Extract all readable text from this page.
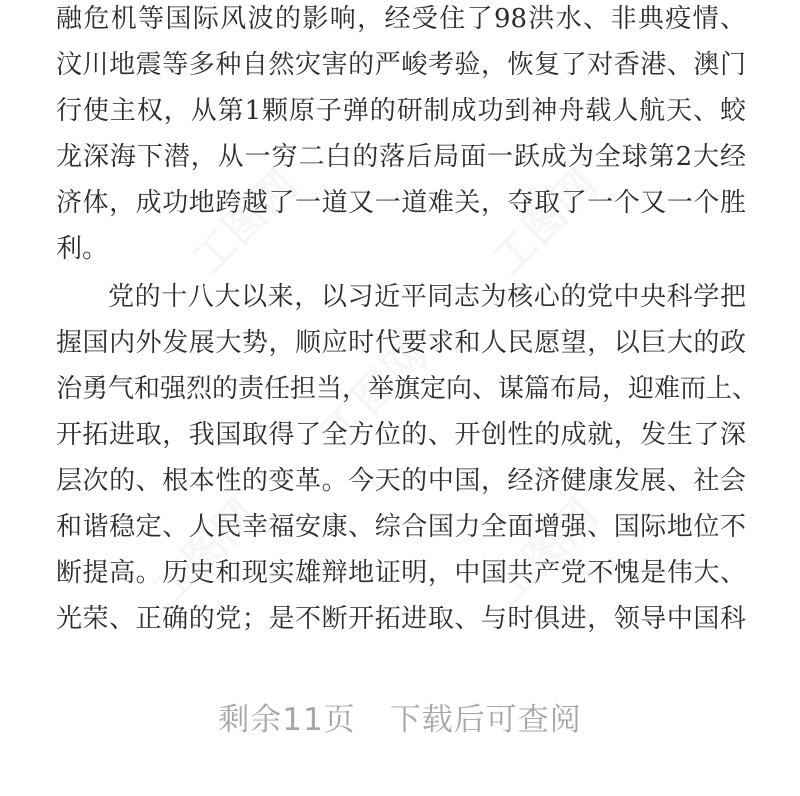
融危机等国际风波的影响，经受住了98洪水、非典疫情、
汶川地震等多种自然灾害的严峻考验，恢复了对香港、澳门
行使主权，从第1颗原子弹的研制成功到神舟载人航天、蛟
龙深海下潜，从一穷二白的落后局面一跃成为全球第2大经
济体，成功地跨越了一道又一道难关，夺取了一个又一个胜
利。
党的十八大以来，以习近平同志为核心的党中央科学把
握国内外发展大势，顺应时代要求和人民愿望，以巨大的政
治勇气和强烈的责任担当，举旗定向、谋篇布局，迎难而上、
开拓进取，我国取得了全方位的、开创性的成就，发生了深
层次的、根本性的变革。今天的中国，经济健康发展、社会
和谐稳定、人民幸福安康、综合国力全面增强、国际地位不
断提高。历史和现实雄辩地证明，中国共产党不愧是伟大、
光荣、正确的党；是不断开拓进取、与时俱进，领导中国科
剩余11页 下载后可查阅
